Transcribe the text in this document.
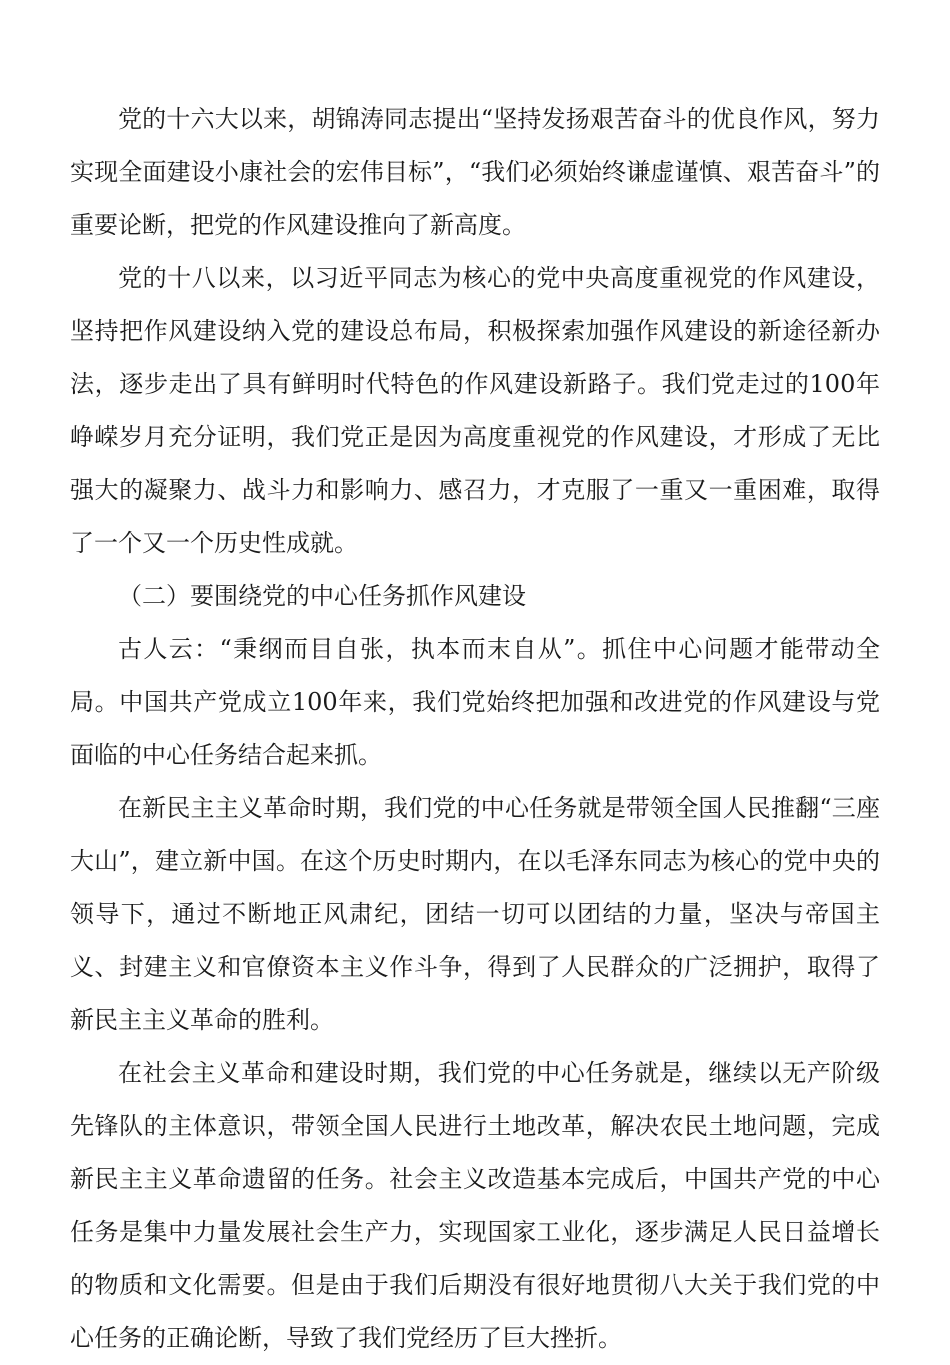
党的十六大以来，胡锦涛同志提出“坚持发扬艰苦奋斗的优良作风，努力实现全面建设小康社会的宏伟目标”，“我们必须始终谦虚谨慎、艰苦奋斗”的重要论断，把党的作风建设推向了新高度。

党的十八以来，以习近平同志为核心的党中央高度重视党的作风建设，坚持把作风建设纳入党的建设总布局，积极探索加强作风建设的新途径新办法，逐步走出了具有鲜明时代特色的作风建设新路子。我们党走过的100年峥嵘岁月充分证明，我们党正是因为高度重视党的作风建设，才形成了无比强大的凝聚力、战斗力和影响力、感召力，才克服了一重又一重困难，取得了一个又一个历史性成就。

（二）要围绕党的中心任务抓作风建设

古人云：“秉纲而目自张，执本而末自从”。抓住中心问题才能带动全局。中国共产党成立100年来，我们党始终把加强和改进党的作风建设与党面临的中心任务结合起来抓。

在新民主主义革命时期，我们党的中心任务就是带领全国人民推翻“三座大山”，建立新中国。在这个历史时期内，在以毛泽东同志为核心的党中央的领导下，通过不断地正风肃纪，团结一切可以团结的力量，坚决与帝国主义、封建主义和官僚资本主义作斗争，得到了人民群众的广泛拥护，取得了新民主主义革命的胜利。

在社会主义革命和建设时期，我们党的中心任务就是，继续以无产阶级先锋队的主体意识，带领全国人民进行土地改革，解决农民土地问题，完成新民主主义革命遗留的任务。社会主义改造基本完成后，中国共产党的中心任务是集中力量发展社会生产力，实现国家工业化，逐步满足人民日益增长的物质和文化需要。但是由于我们后期没有很好地贯彻八大关于我们党的中心任务的正确论断，导致了我们党经历了巨大挫折。
